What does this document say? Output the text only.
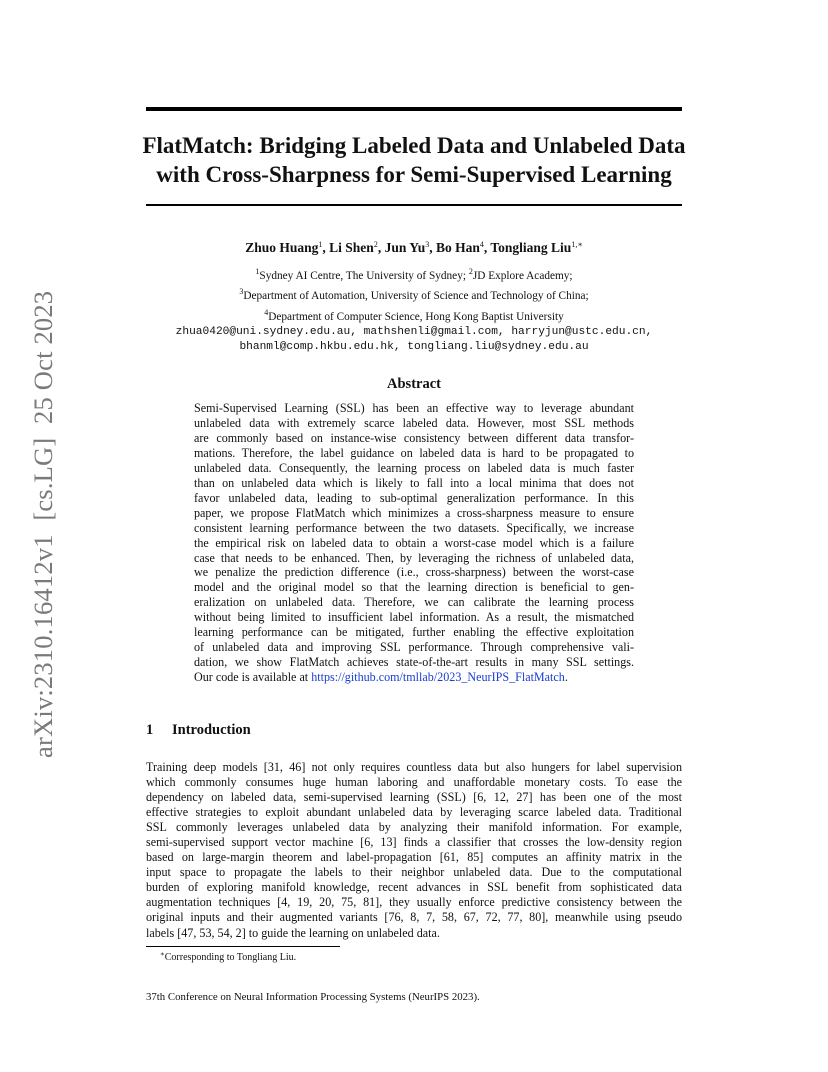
arXiv:2310.16412v1  [cs.LG]  25 Oct 2023
FlatMatch: Bridging Labeled Data and Unlabeled Data
with Cross-Sharpness for Semi-Supervised Learning
Zhuo Huang$^1$, Li Shen$^2$, Jun Yu$^3$, Bo Han$^4$, Tongliang Liu$^{1,∗}$
$^1$Sydney AI Centre, The University of Sydney; $^2$JD Explore Academy;
$^3$Department of Automation, University of Science and Technology of China;
$^4$Department of Computer Science, Hong Kong Baptist University
zhua0420@uni.sydney.edu.au, mathshenli@gmail.com, harryjun@ustc.edu.cn,
bhanml@comp.hkbu.edu.hk, tongliang.liu@sydney.edu.au
Abstract

Semi-Supervised Learning (SSL) has been an effective way to leverage abundant
unlabeled data with extremely scarce labeled data. However, most SSL methods
are commonly based on instance-wise consistency between different data transfor-
mations. Therefore, the label guidance on labeled data is hard to be propagated to
unlabeled data. Consequently, the learning process on labeled data is much faster
than on unlabeled data which is likely to fall into a local minima that does not
favor unlabeled data, leading to sub-optimal generalization performance. In this
paper, we propose FlatMatch which minimizes a cross-sharpness measure to ensure
consistent learning performance between the two datasets. Specifically, we increase
the empirical risk on labeled data to obtain a worst-case model which is a failure
case that needs to be enhanced. Then, by leveraging the richness of unlabeled data,
we penalize the prediction difference (i.e., cross-sharpness) between the worst-case
model and the original model so that the learning direction is beneficial to gen-
eralization on unlabeled data. Therefore, we can calibrate the learning process
without being limited to insufficient label information. As a result, the mismatched
learning performance can be mitigated, further enabling the effective exploitation
of unlabeled data and improving SSL performance. Through comprehensive vali-
dation, we show FlatMatch achieves state-of-the-art results in many SSL settings.
Our code is available at https://github.com/tmllab/2023_NeurIPS_FlatMatch.

1 Introduction

Training deep models [31, 46] not only requires countless data but also hungers for label supervision
which commonly consumes huge human laboring and unaffordable monetary costs. To ease the
dependency on labeled data, semi-supervised learning (SSL) [6, 12, 27] has been one of the most
effective strategies to exploit abundant unlabeled data by leveraging scarce labeled data. Traditional
SSL commonly leverages unlabeled data by analyzing their manifold information. For example,
semi-supervised support vector machine [6, 13] finds a classifier that crosses the low-density region
based on large-margin theorem and label-propagation [61, 85] computes an affinity matrix in the
input space to propagate the labels to their neighbor unlabeled data. Due to the computational
burden of exploring manifold knowledge, recent advances in SSL benefit from sophisticated data
augmentation techniques [4, 19, 20, 75, 81], they usually enforce predictive consistency between the
original inputs and their augmented variants [76, 8, 7, 58, 67, 72, 77, 80], meanwhile using pseudo
labels [47, 53, 54, 2] to guide the learning on unlabeled data.

∗Corresponding to Tongliang Liu.
37th Conference on Neural Information Processing Systems (NeurIPS 2023).
